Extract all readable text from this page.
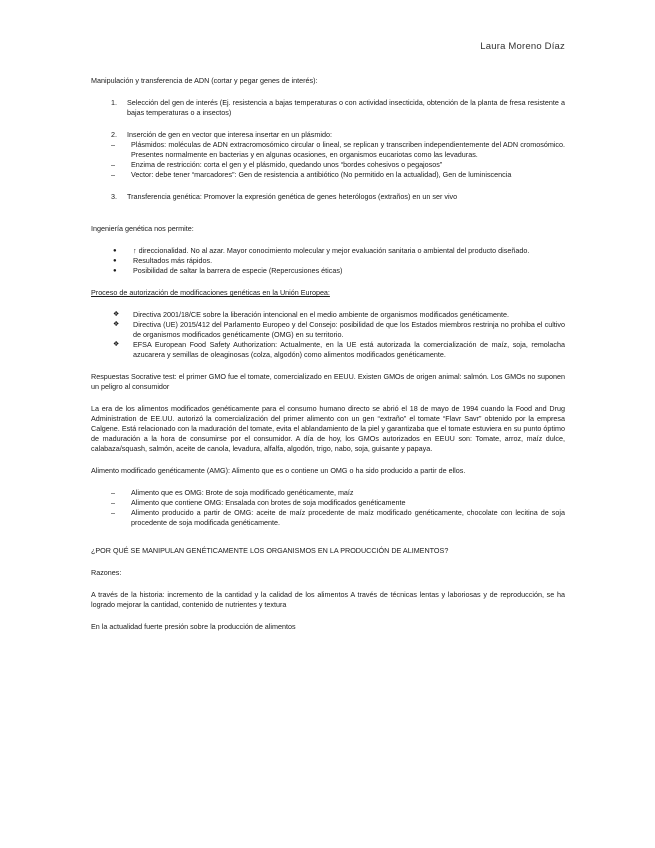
Laura Moreno Díaz

Manipulación y transferencia de ADN (cortar y pegar genes de interés):

1.	Selección del gen de interés (Ej. resistencia a bajas temperaturas o con actividad insecticida, obtención de la planta de fresa resistente a bajas temperaturas o a insectos)
2.	Inserción de gen en vector que interesa insertar en un plásmido:
–	Plásmidos: moléculas de ADN extracromosómico circular o lineal, se replican y transcriben independientemente del ADN cromosómico. Presentes normalmente en bacterias y en algunas ocasiones, en organismos eucariotas como las levaduras.
–	Enzima de restricción: corta el gen y el plásmido, quedando unos “bordes cohesivos o pegajosos”
–	Vector: debe tener “marcadores”: Gen de resistencia a antibiótico (No permitido en la actualidad), Gen de luminiscencia
3.	Transferencia genética: Promover la expresión genética de genes heterólogos (extraños) en un ser vivo

Ingeniería genética nos permite:

●	↑ direccionalidad. No al azar. Mayor conocimiento molecular y mejor evaluación sanitaria o ambiental del producto diseñado.
●	Resultados más rápidos.
●	Posibilidad de saltar la barrera de especie (Repercusiones éticas)

Proceso de autorización de modificaciones genéticas en la Unión Europea:

❖	Directiva 2001/18/CE sobre la liberación intencional en el medio ambiente de organismos modificados genéticamente.
❖	Directiva (UE) 2015/412 del Parlamento Europeo y del Consejo: posibilidad de que los Estados miembros restrinja no prohiba el cultivo de organismos modificados genéticamente (OMG) en su territorio.
❖	EFSA European Food Safety Authorization: Actualmente, en la UE está autorizada la comercialización de maíz, soja, remolacha azucarera y semillas de oleaginosas (colza, algodón) como alimentos modificados genéticamente.

Respuestas Socrative test: el primer GMO fue el tomate, comercializado en EEUU. Existen GMOs de origen animal: salmón. Los GMOs no suponen un peligro al consumidor

La era de los alimentos modificados genéticamente para el consumo humano directo se abrió el 18 de mayo de 1994 cuando la Food and Drug Administration de EE.UU. autorizó la comercialización del primer alimento con un gen “extraño” el tomate “Flavr Savr” obtenido por la empresa Calgene. Está relacionado con la maduración del tomate, evita el ablandamiento de la piel y garantizaba que el tomate estuviera en su punto óptimo de maduración a la hora de consumirse por el consumidor. A día de hoy, los GMOs autorizados en EEUU son: Tomate, arroz, maíz dulce, calabaza/squash, salmón, aceite de canola, levadura, alfalfa, algodón, trigo, nabo, soja, guisante y papaya.

Alimento modificado genéticamente (AMG): Alimento que es o contiene un OMG o ha sido producido a partir de ellos.

–	Alimento que es OMG: Brote de soja modificado genéticamente, maíz
–	Alimento que contiene OMG: Ensalada con brotes de soja modificados genéticamente
–	Alimento producido a partir de OMG: aceite de maíz procedente de maíz modificado genéticamente, chocolate con lecitina de soja procedente de soja modificada genéticamente.

¿POR QUÉ SE MANIPULAN GENÉTICAMENTE LOS ORGANISMOS EN LA PRODUCCIÓN DE ALIMENTOS?

Razones:

A través de la historia: incremento de la cantidad y la calidad de los alimentos A través de técnicas lentas y laboriosas y de reproducción, se ha logrado mejorar la cantidad, contenido de nutrientes y textura

En la actualidad fuerte presión sobre la producción de alimentos
